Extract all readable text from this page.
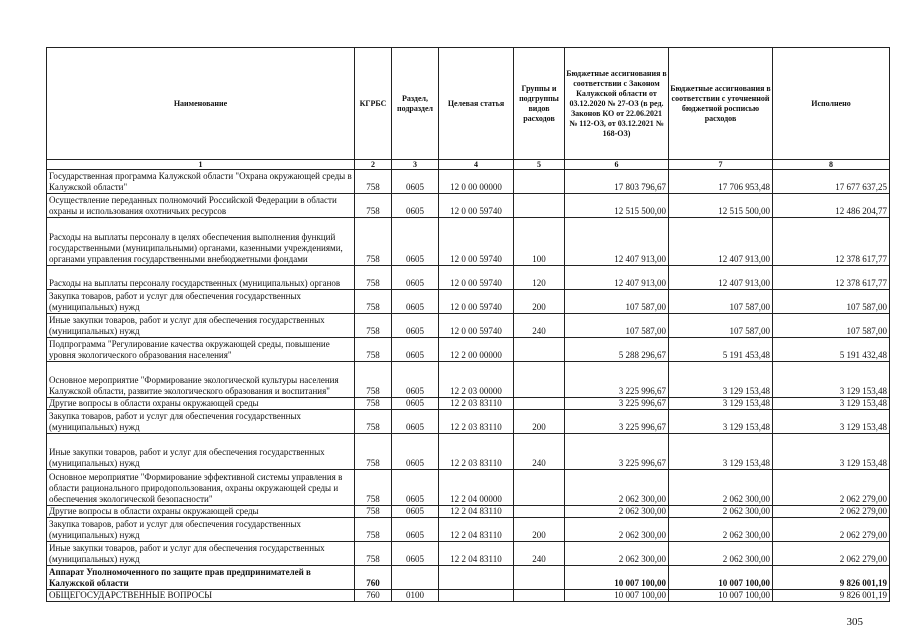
Наименование	КГРБС	Раздел, подраздел	Целевая статья	Группы и подгруппы видов расходов	Бюджетные ассигнования в соответствии с Законом Калужской области от 03.12.2020 № 27-ОЗ (в ред. Законов КО от 22.06.2021 № 112-ОЗ, от 03.12.2021 № 168-ОЗ)	Бюджетные ассигнования в соответствии с уточненной бюджетной росписью расходов	Исполнено
1	2	3	4	5	6	7	8
Государственная программа Калужской области "Охрана окружающей среды в Калужской области"	758	0605	12 0 00 00000		17 803 796,67	17 706 953,48	17 677 637,25
Осуществление переданных полномочий Российской Федерации в области охраны и использования охотничьих ресурсов	758	0605	12 0 00 59740		12 515 500,00	12 515 500,00	12 486 204,77
Расходы на выплаты персоналу в целях обеспечения выполнения функций государственными (муниципальными) органами, казенными учреждениями, органами управления государственными внебюджетными фондами	758	0605	12 0 00 59740	100	12 407 913,00	12 407 913,00	12 378 617,77
Расходы на выплаты персоналу государственных (муниципальных) органов	758	0605	12 0 00 59740	120	12 407 913,00	12 407 913,00	12 378 617,77
Закупка товаров, работ и услуг для обеспечения государственных (муниципальных) нужд	758	0605	12 0 00 59740	200	107 587,00	107 587,00	107 587,00
Иные закупки товаров, работ и услуг для обеспечения государственных (муниципальных) нужд	758	0605	12 0 00 59740	240	107 587,00	107 587,00	107 587,00
Подпрограмма "Регулирование качества окружающей среды, повышение уровня экологического образования населения"	758	0605	12 2 00 00000		5 288 296,67	5 191 453,48	5 191 432,48
Основное мероприятие "Формирование экологической культуры населения Калужской области, развитие экологического образования и воспитания"	758	0605	12 2 03 00000		3 225 996,67	3 129 153,48	3 129 153,48
Другие вопросы в области охраны окружающей среды	758	0605	12 2 03 83110		3 225 996,67	3 129 153,48	3 129 153,48
Закупка товаров, работ и услуг для обеспечения государственных (муниципальных) нужд	758	0605	12 2 03 83110	200	3 225 996,67	3 129 153,48	3 129 153,48
Иные закупки товаров, работ и услуг для обеспечения государственных (муниципальных) нужд	758	0605	12 2 03 83110	240	3 225 996,67	3 129 153,48	3 129 153,48
Основное мероприятие "Формирование эффективной системы управления в области рационального природопользования, охраны окружающей среды и обеспечения экологической безопасности"	758	0605	12 2 04 00000		2 062 300,00	2 062 300,00	2 062 279,00
Другие вопросы в области охраны окружающей среды	758	0605	12 2 04 83110		2 062 300,00	2 062 300,00	2 062 279,00
Закупка товаров, работ и услуг для обеспечения государственных (муниципальных) нужд	758	0605	12 2 04 83110	200	2 062 300,00	2 062 300,00	2 062 279,00
Иные закупки товаров, работ и услуг для обеспечения государственных (муниципальных) нужд	758	0605	12 2 04 83110	240	2 062 300,00	2 062 300,00	2 062 279,00
Аппарат Уполномоченного по защите прав предпринимателей в Калужской области	760				10 007 100,00	10 007 100,00	9 826 001,19
ОБЩЕГОСУДАРСТВЕННЫЕ ВОПРОСЫ	760	0100			10 007 100,00	10 007 100,00	9 826 001,19
305
